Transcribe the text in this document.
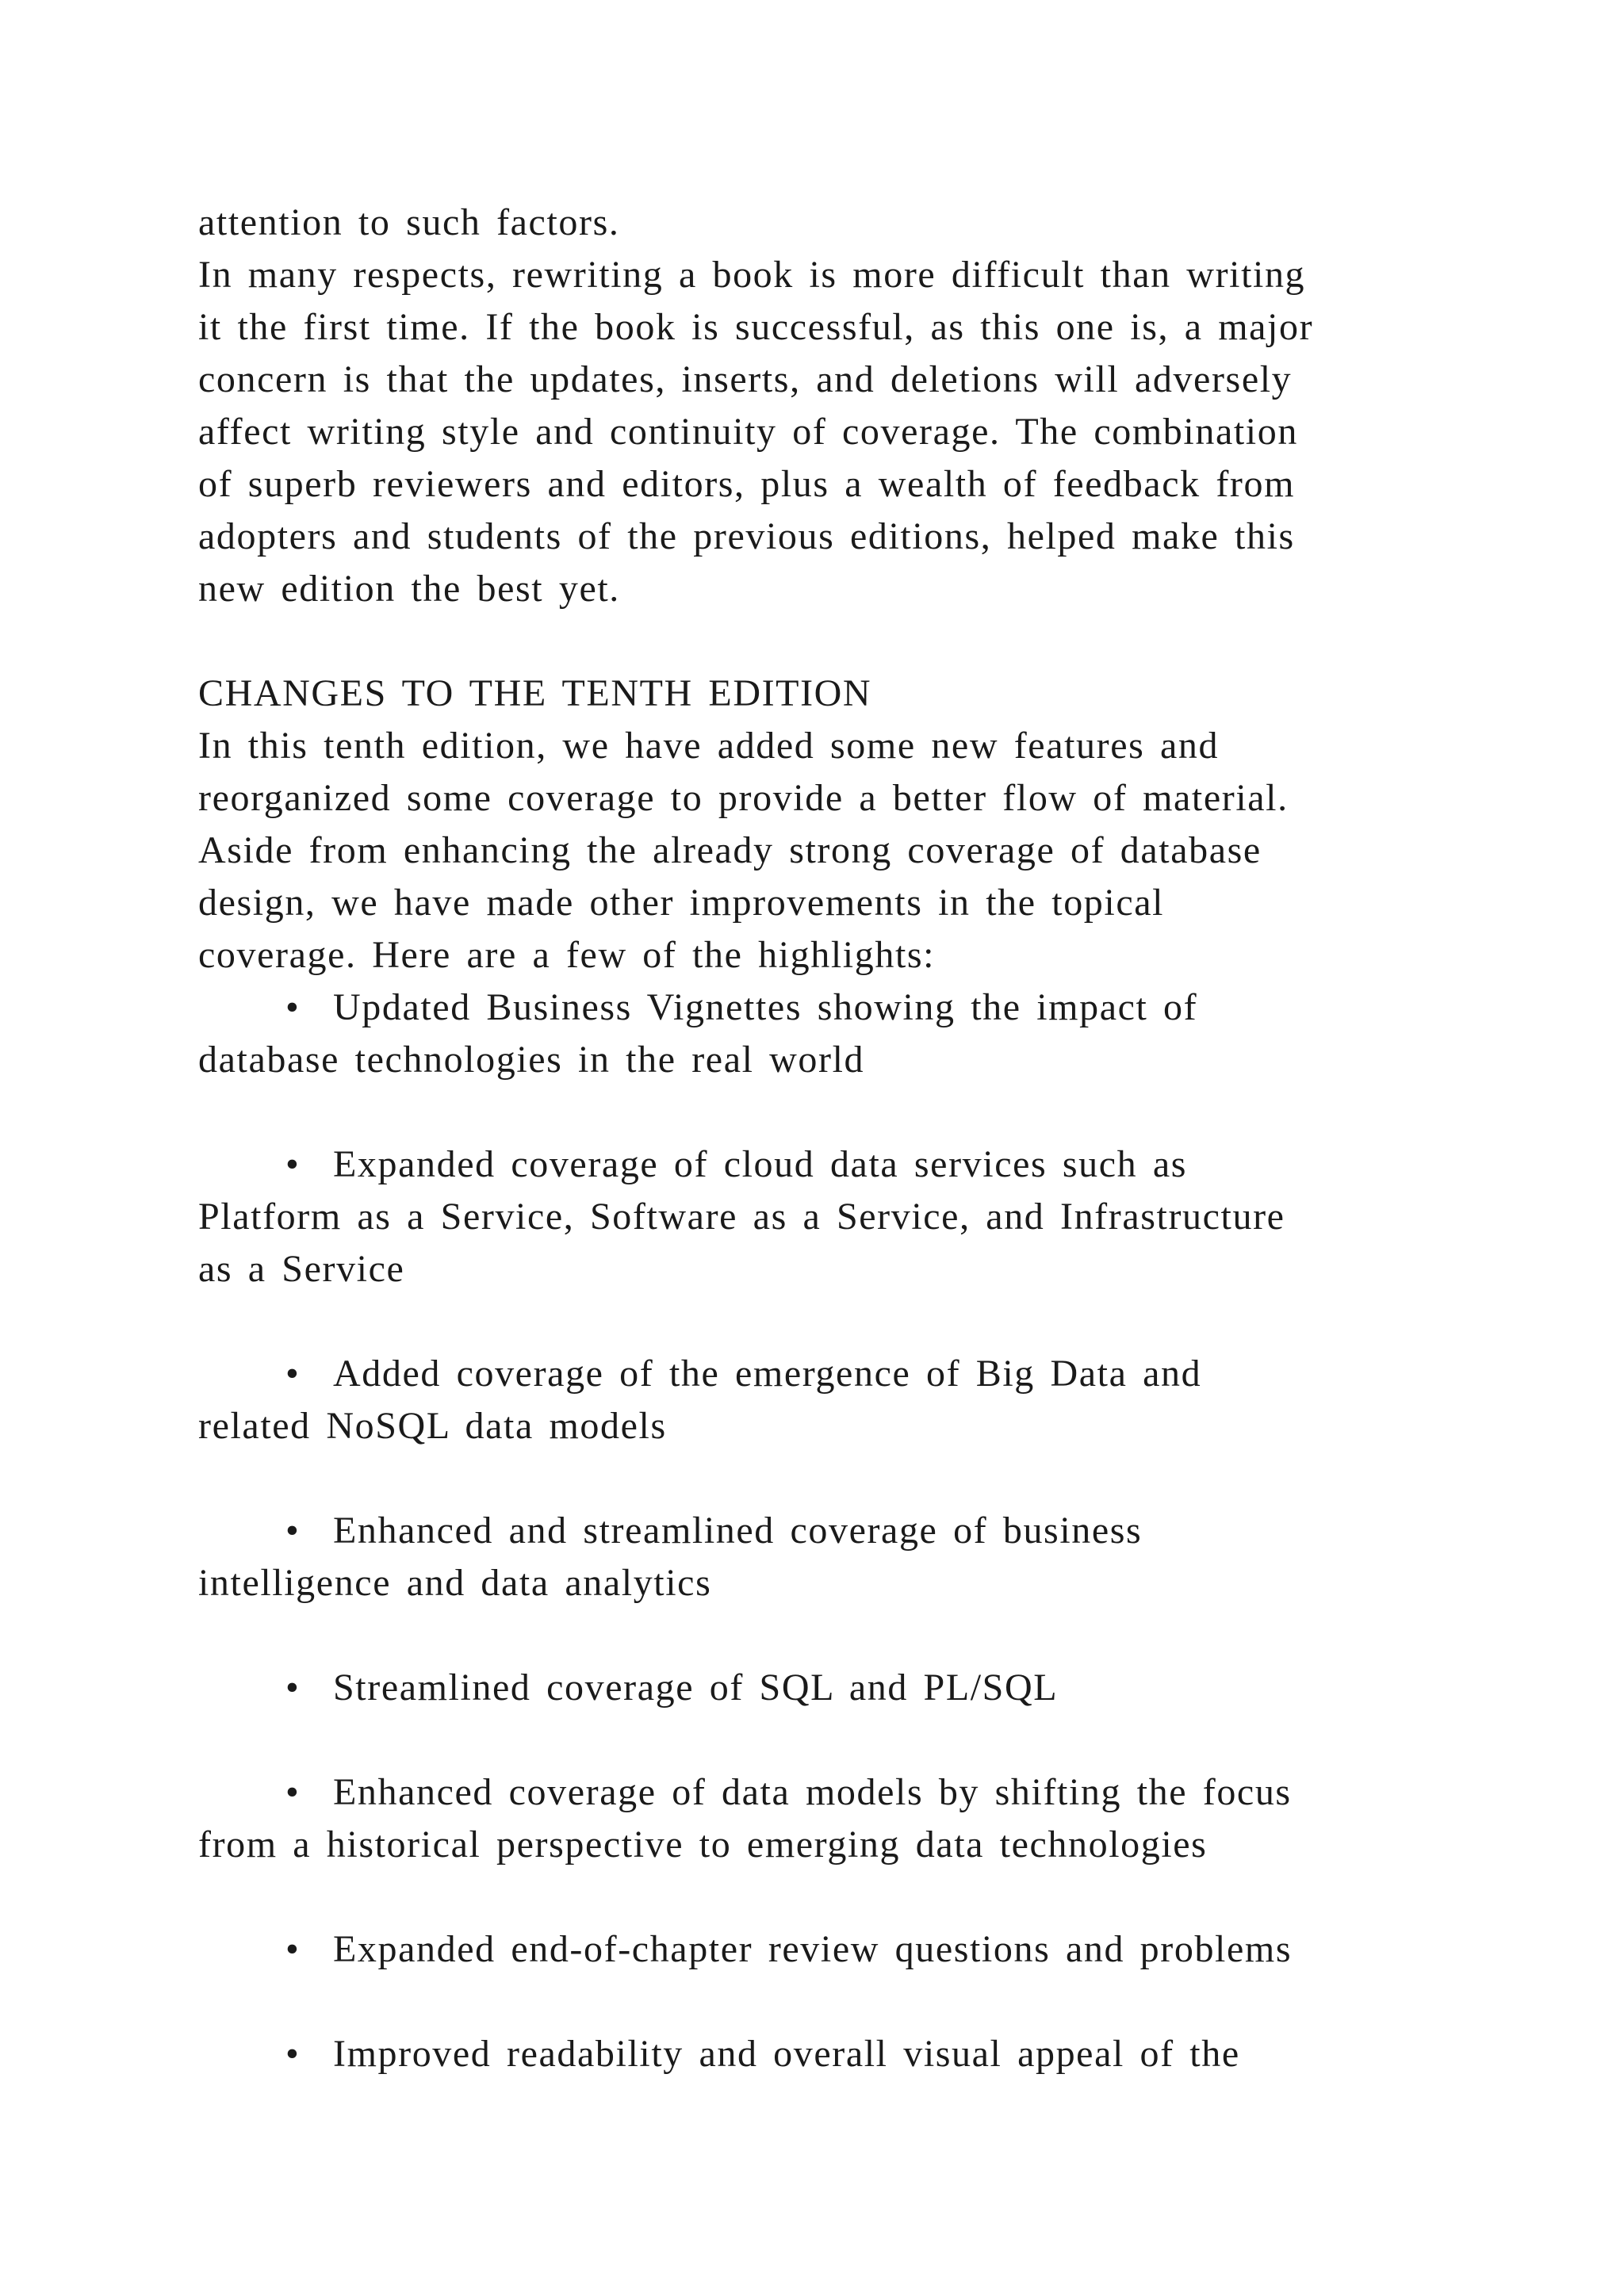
attention to such factors.
In many respects, rewriting a book is more difficult than writing
it the first time. If the book is successful, as this one is, a major
concern is that the updates, inserts, and deletions will adversely
affect writing style and continuity of coverage. The combination
of superb reviewers and editors, plus a wealth of feedback from
adopters and students of the previous editions, helped make this
new edition the best yet.
CHANGES TO THE TENTH EDITION
In this tenth edition, we have added some new features and
reorganized some coverage to provide a better flow of material.
Aside from enhancing the already strong coverage of database
design, we have made other improvements in the topical
coverage. Here are a few of the highlights:
• Updated Business Vignettes showing the impact of
database technologies in the real world
• Expanded coverage of cloud data services such as
Platform as a Service, Software as a Service, and Infrastructure
as a Service
• Added coverage of the emergence of Big Data and
related NoSQL data models
• Enhanced and streamlined coverage of business
intelligence and data analytics
• Streamlined coverage of SQL and PL/SQL
• Enhanced coverage of data models by shifting the focus
from a historical perspective to emerging data technologies
• Expanded end-of-chapter review questions and problems
• Improved readability and overall visual appeal of the
